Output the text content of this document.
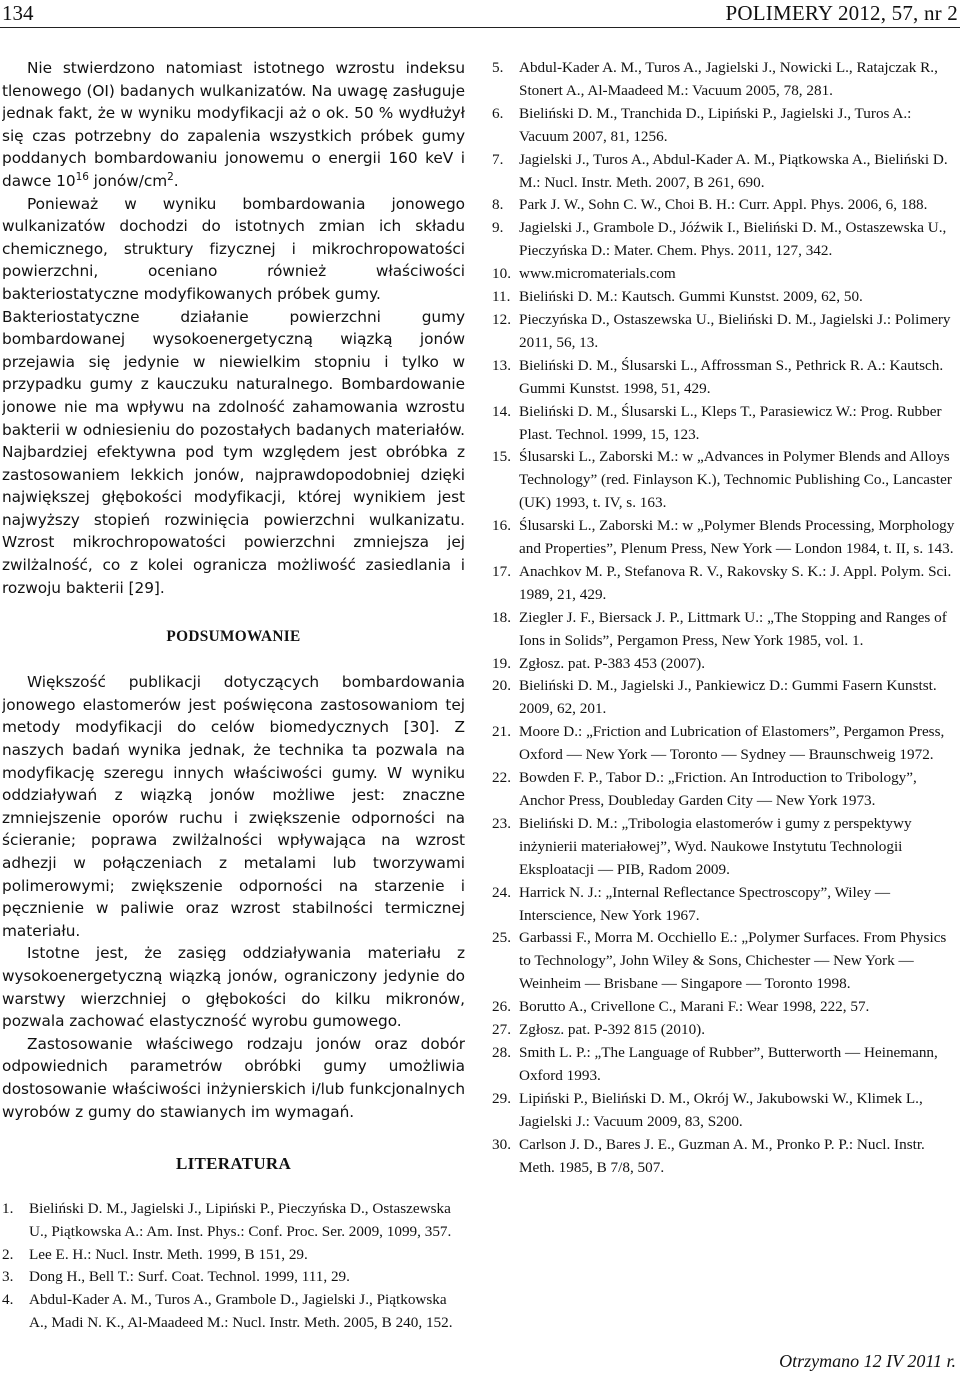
134	POLIMERY 2012, 57, nr 2

Nie stwierdzono natomiast istotnego wzrostu indeksu tlenowego (OI) badanych wulkanizatów. Na uwagę zasługuje jednak fakt, że w wyniku modyfikacji aż o ok. 50 % wydłużył się czas potrzebny do zapalenia wszystkich próbek gumy poddanych bombardowaniu jonowemu o energii 160 keV i dawce $10^{16}$ jonów/$cm^2$.

Ponieważ w wyniku bombardowania jonowego wulkanizatów dochodzi do istotnych zmian ich składu chemicznego, struktury fizycznej i mikrochropowatości powierzchni, oceniano również właściwości bakteriostatyczne modyfikowanych próbek gumy.

Bakteriostatyczne działanie powierzchni gumy bombardowanej wysokoenergetyczną wiązką jonów przejawia się jedynie w niewielkim stopniu i tylko w przypadku gumy z kauczuku naturalnego. Bombardowanie jonowe nie ma wpływu na zdolność zahamowania wzrostu bakterii w odniesieniu do pozostałych badanych materiałów. Najbardziej efektywna pod tym względem jest obróbka z zastosowaniem lekkich jonów, najprawdopodobniej dzięki największej głębokości modyfikacji, której wynikiem jest najwyższy stopień rozwinięcia powierzchni wulkanizatu. Wzrost mikrochropowatości powierzchni zmniejsza jej zwilżalność, co z kolei ogranicza możliwość zasiedlania i rozwoju bakterii [29].

PODSUMOWANIE

Większość publikacji dotyczących bombardowania jonowego elastomerów jest poświęcona zastosowaniom tej metody modyfikacji do celów biomedycznych [30]. Z naszych badań wynika jednak, że technika ta pozwala na modyfikację szeregu innych właściwości gumy. W wyniku oddziaływań z wiązką jonów możliwe jest: znaczne zmniejszenie oporów ruchu i zwiększenie odporności na ścieranie; poprawa zwilżalności wpływająca na wzrost adhezji w połączeniach z metalami lub tworzywami polimerowymi; zwiększenie odporności na starzenie i pęcznienie w paliwie oraz wzrost stabilności termicznej materiału.

Istotne jest, że zasięg oddziaływania materiału z wysokoenergetyczną wiązką jonów, ograniczony jedynie do warstwy wierzchniej o głębokości do kilku mikronów, pozwala zachować elastyczność wyrobu gumowego.

Zastosowanie właściwego rodzaju jonów oraz dobór odpowiednich parametrów obróbki gumy umożliwia dostosowanie właściwości inżynierskich i/lub funkcjonalnych wyrobów z gumy do stawianych im wymagań.

LITERATURA
1.	Bieliński D. M., Jagielski J., Lipiński P., Pieczyńska D., Ostaszewska U., Piątkowska A.: Am. Inst. Phys.: Conf. Proc. Ser. 2009, 1099, 357.
2.	Lee E. H.: Nucl. Instr. Meth. 1999, B 151, 29.
3.	Dong H., Bell T.: Surf. Coat. Technol. 1999, 111, 29.
4.	Abdul-Kader A. M., Turos A., Grambole D., Jagielski J., Piątkowska A., Madi N. K., Al-Maadeed M.: Nucl. Instr. Meth. 2005, B 240, 152.
5.	Abdul-Kader A. M., Turos A., Jagielski J., Nowicki L., Ratajczak R., Stonert A., Al-Maadeed M.: Vacuum 2005, 78, 281.
6.	Bieliński D. M., Tranchida D., Lipiński P., Jagielski J., Turos A.: Vacuum 2007, 81, 1256.
7.	Jagielski J., Turos A., Abdul-Kader A. M., Piątkowska A., Bieliński D. M.: Nucl. Instr. Meth. 2007, B 261, 690.
8.	Park J. W., Sohn C. W., Choi B. H.: Curr. Appl. Phys. 2006, 6, 188.
9.	Jagielski J., Grambole D., Jóźwik I., Bieliński D. M., Ostaszewska U., Pieczyńska D.: Mater. Chem. Phys. 2011, 127, 342.
10. www.micromaterials.com
11. Bieliński D. M.: Kautsch. Gummi Kunstst. 2009, 62, 50.
12. Pieczyńska D., Ostaszewska U., Bieliński D. M., Jagielski J.: Polimery 2011, 56, 13.
13. Bieliński D. M., Ślusarski L., Affrossman S., Pethrick R. A.: Kautsch. Gummi Kunstst. 1998, 51, 429.
14. Bieliński D. M., Ślusarski L., Kleps T., Parasiewicz W.: Prog. Rubber Plast. Technol. 1999, 15, 123.
15. Ślusarski L., Zaborski M.: w „Advances in Polymer Blends and Alloys Technology” (red. Finlayson K.), Technomic Publishing Co., Lancaster (UK) 1993, t. IV, s. 163.
16. Ślusarski L., Zaborski M.: w „Polymer Blends Processing, Morphology and Properties”, Plenum Press, New York — London 1984, t. II, s. 143.
17. Anachkov M. P., Stefanova R. V., Rakovsky S. K.: J. Appl. Polym. Sci. 1989, 21, 429.
18. Ziegler J. F., Biersack J. P., Littmark U.: „The Stopping and Ranges of Ions in Solids”, Pergamon Press, New York 1985, vol. 1.
19. Zgłosz. pat. P-383 453 (2007).
20. Bieliński D. M., Jagielski J., Pankiewicz D.: Gummi Fasern Kunstst. 2009, 62, 201.
21. Moore D.: „Friction and Lubrication of Elastomers”, Pergamon Press, Oxford — New York — Toronto — Sydney — Braunschweig 1972.
22. Bowden F. P., Tabor D.: „Friction. An Introduction to Tribology”, Anchor Press, Doubleday Garden City — New York 1973.
23. Bieliński D. M.: „Tribologia elastomerów i gumy z perspektywy inżynierii materiałowej”, Wyd. Naukowe Instytutu Technologii Eksploatacji — PIB, Radom 2009.
24. Harrick N. J.: „Internal Reflectance Spectroscopy”, Wiley — Interscience, New York 1967.
25. Garbassi F., Morra M. Occhiello E.: „Polymer Surfaces. From Physics to Technology”, John Wiley & Sons, Chichester — New York — Weinheim — Brisbane — Singapore — Toronto 1998.
26. Borutto A., Crivellone C., Marani F.: Wear 1998, 222, 57.
27. Zgłosz. pat. P-392 815 (2010).
28. Smith L. P.: „The Language of Rubber”, Butterworth — Heinemann, Oxford 1993.
29. Lipiński P., Bieliński D. M., Okrój W., Jakubowski W., Klimek L., Jagielski J.: Vacuum 2009, 83, S200.
30. Carlson J. D., Bares J. E., Guzman A. M., Pronko P. P.: Nucl. Instr. Meth. 1985, B 7/8, 507.
Otrzymano 12 IV 2011 r.
